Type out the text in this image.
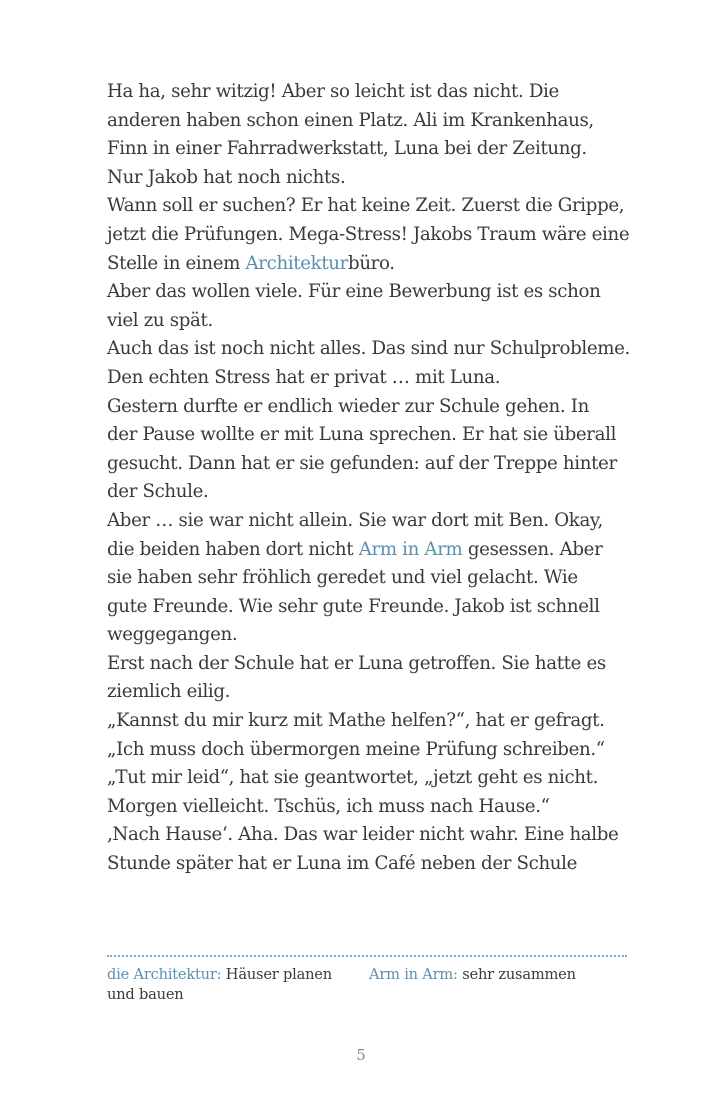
Ha ha, sehr witzig! Aber so leicht ist das nicht. Die
anderen haben schon einen Platz. Ali im Krankenhaus,
Finn in einer Fahrradwerkstatt, Luna bei der Zeitung.
Nur Jakob hat noch nichts.
Wann soll er suchen? Er hat keine Zeit. Zuerst die Grippe,
jetzt die Prüfungen. Mega-Stress! Jakobs Traum wäre eine
Stelle in einem Architekturbüro.
Aber das wollen viele. Für eine Bewerbung ist es schon
viel zu spät.
Auch das ist noch nicht alles. Das sind nur Schulprobleme.
Den echten Stress hat er privat … mit Luna.
Gestern durfte er endlich wieder zur Schule gehen. In
der Pause wollte er mit Luna sprechen. Er hat sie überall
gesucht. Dann hat er sie gefunden: auf der Treppe hinter
der Schule.
Aber … sie war nicht allein. Sie war dort mit Ben. Okay,
die beiden haben dort nicht Arm in Arm gesessen. Aber
sie haben sehr fröhlich geredet und viel gelacht. Wie
gute Freunde. Wie sehr gute Freunde. Jakob ist schnell
weggegangen.
Erst nach der Schule hat er Luna getroffen. Sie hatte es
ziemlich eilig.
„Kannst du mir kurz mit Mathe helfen?“, hat er gefragt.
„Ich muss doch übermorgen meine Prüfung schreiben.“
„Tut mir leid“, hat sie geantwortet, „jetzt geht es nicht.
Morgen vielleicht. Tschüs, ich muss nach Hause.“
‚Nach Hause‘. Aha. Das war leider nicht wahr. Eine halbe
Stunde später hat er Luna im Café neben der Schule
die Architektur: Häuser planen und bauen
Arm in Arm: sehr zusammen
5
